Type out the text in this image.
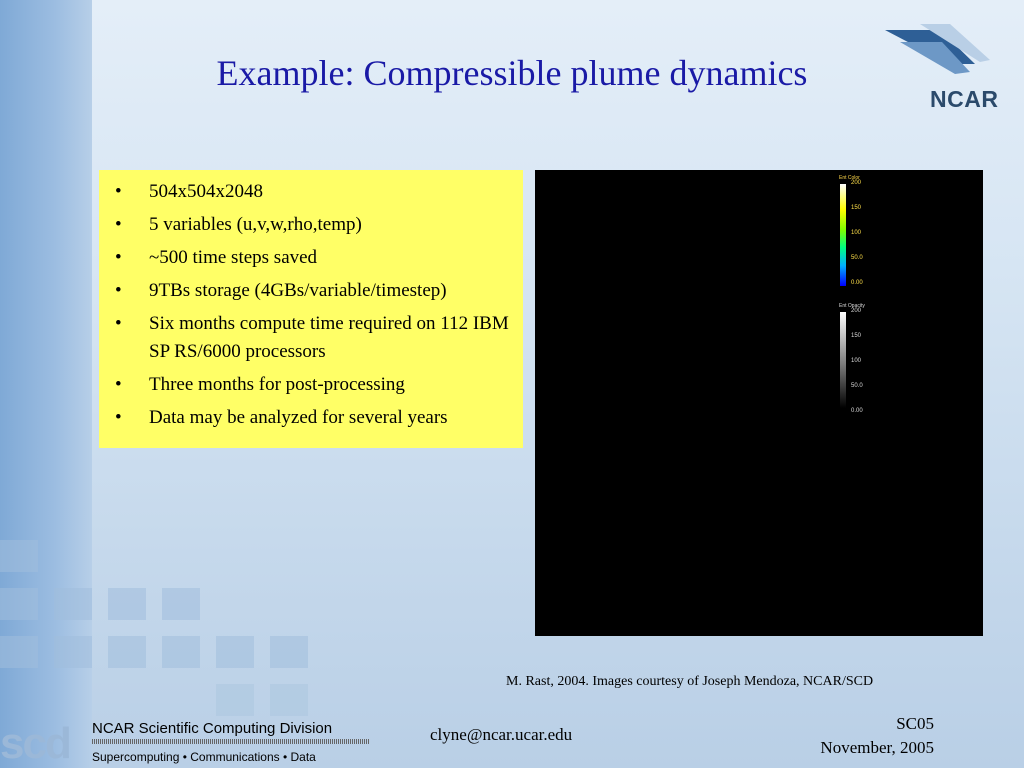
Example: Compressible plume dynamics
NCAR
• 504x504x2048
• 5 variables (u,v,w,rho,temp)
• ~500 time steps saved
• 9TBs storage (4GBs/variable/timestep)
• Six months compute time required on 112 IBM SP RS/6000 processors
• Three months for post-processing
• Data may be analyzed for several years
Ent Color
200
150
100
50.0
0.00
Ent Opacity
200
150
100
50.0
0.00
M. Rast, 2004. Images courtesy of Joseph Mendoza, NCAR/SCD
scd NCAR Scientific Computing Division
Supercomputing • Communications • Data
clyne@ncar.ucar.edu
SC05
November, 2005
